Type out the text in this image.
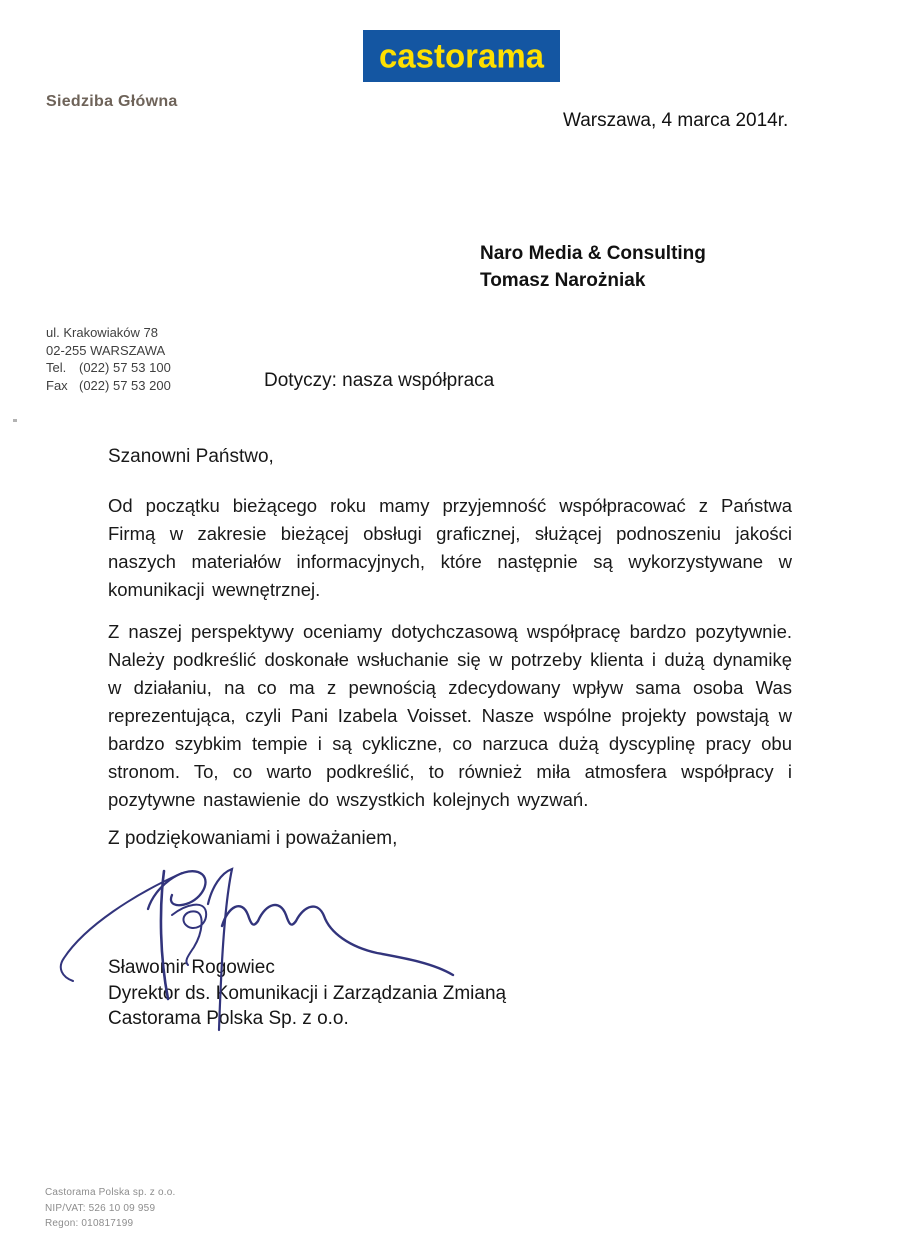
castorama
Siedziba Główna
Warszawa, 4 marca 2014r.
Naro Media & Consulting
Tomasz Narożniak
ul. Krakowiaków 78
02-255 WARSZAWA
Tel. (022) 57 53 100
Fax (022) 57 53 200	Dotyczy: nasza współpraca
Szanowni Państwo,
Od początku bieżącego roku mamy przyjemność współpracować z Państwa Firmą w zakresie bieżącej obsługi graficznej, służącej podnoszeniu jakości naszych materiałów informacyjnych, które następnie są wykorzystywane w komunikacji wewnętrznej.
Z naszej perspektywy oceniamy dotychczasową współpracę bardzo pozytywnie. Należy podkreślić doskonałe wsłuchanie się w potrzeby klienta i dużą dynamikę w działaniu, na co ma z pewnością zdecydowany wpływ sama osoba Was reprezentująca, czyli Pani Izabela Voisset. Nasze wspólne projekty powstają w bardzo szybkim tempie i są cykliczne, co narzuca dużą dyscyplinę pracy obu stronom. To, co warto podkreślić, to również miła atmosfera współpracy i pozytywne nastawienie do wszystkich kolejnych wyzwań.
Z podziękowaniami i poważaniem,
Sławomir Rogowiec
Dyrektor ds. Komunikacji i Zarządzania Zmianą
Castorama Polska Sp. z o.o.
Castorama Polska sp. z o.o.
NIP/VAT: 526 10 09 959
Regon: 010817199
